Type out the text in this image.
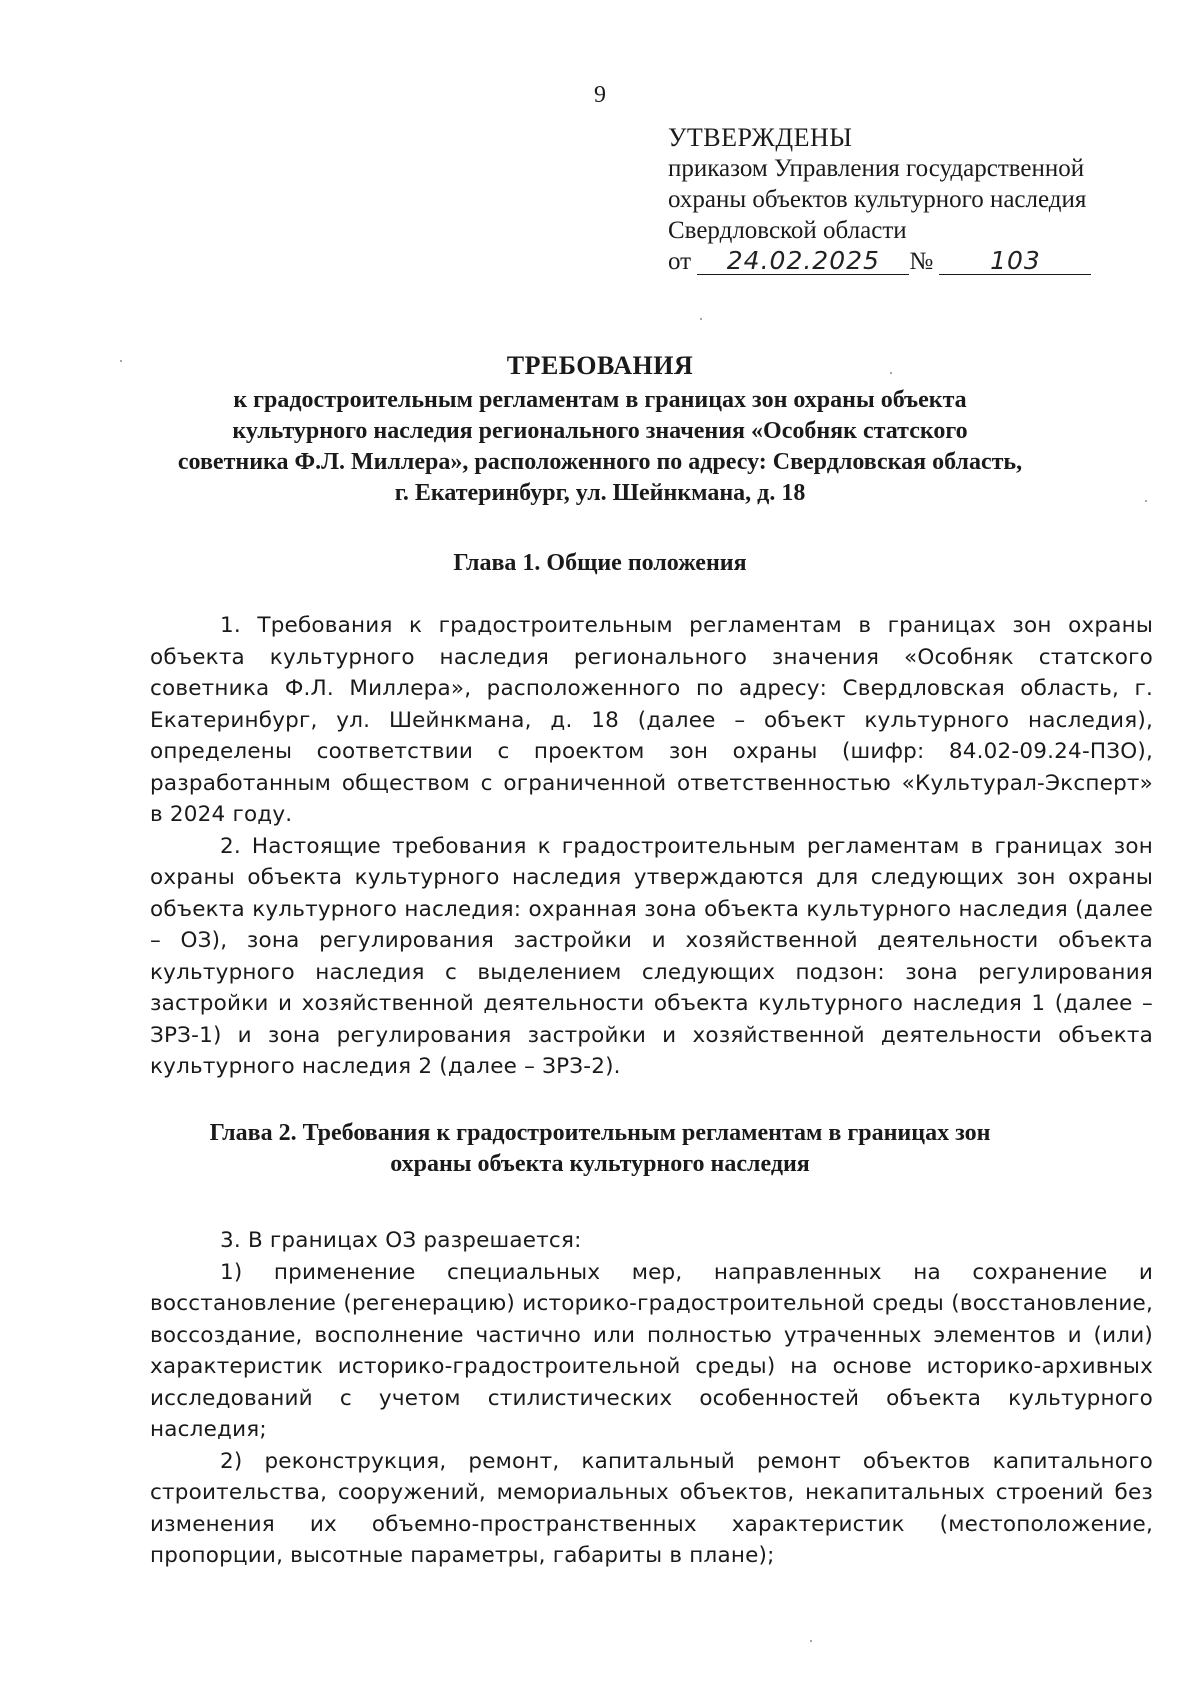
9
УТВЕРЖДЕНЫ
приказом Управления государственной
охраны объектов культурного наследия
Свердловской области
от 24.02.2025 № 103
ТРЕБОВАНИЯ
к градостроительным регламентам в границах зон охраны объекта
культурного наследия регионального значения «Особняк статского
советника Ф.Л. Миллера», расположенного по адресу: Свердловская область,
г. Екатеринбург, ул. Шейнкмана, д. 18
Глава 1. Общие положения

1. Требования к градостроительным регламентам в границах зон охраны объекта культурного наследия регионального значения «Особняк статского советника Ф.Л. Миллера», расположенного по адресу: Свердловская область, г. Екатеринбург, ул. Шейнкмана, д. 18 (далее – объект культурного наследия), определены соответствии с проектом зон охраны (шифр: 84.02-09.24-ПЗО), разработанным обществом с ограниченной ответственностью «Культурал-Эксперт» в 2024 году.

2. Настоящие требования к градостроительным регламентам в границах зон охраны объекта культурного наследия утверждаются для следующих зон охраны объекта культурного наследия: охранная зона объекта культурного наследия (далее – ОЗ), зона регулирования застройки и хозяйственной деятельности объекта культурного наследия с выделением следующих подзон: зона регулирования застройки и хозяйственной деятельности объекта культурного наследия 1 (далее – ЗРЗ-1) и зона регулирования застройки и хозяйственной деятельности объекта культурного наследия 2 (далее – ЗРЗ-2).

Глава 2. Требования к градостроительным регламентам в границах зон
охраны объекта культурного наследия

3. В границах ОЗ разрешается:

1) применение специальных мер, направленных на сохранение и восстановление (регенерацию) историко-градостроительной среды (восстановление, воссоздание, восполнение частично или полностью утраченных элементов и (или) характеристик историко-градостроительной среды) на основе историко-архивных исследований с учетом стилистических особенностей объекта культурного наследия;

2) реконструкция, ремонт, капитальный ремонт объектов капитального строительства, сооружений, мемориальных объектов, некапитальных строений без изменения их объемно-пространственных характеристик (местоположение, пропорции, высотные параметры, габариты в плане);
